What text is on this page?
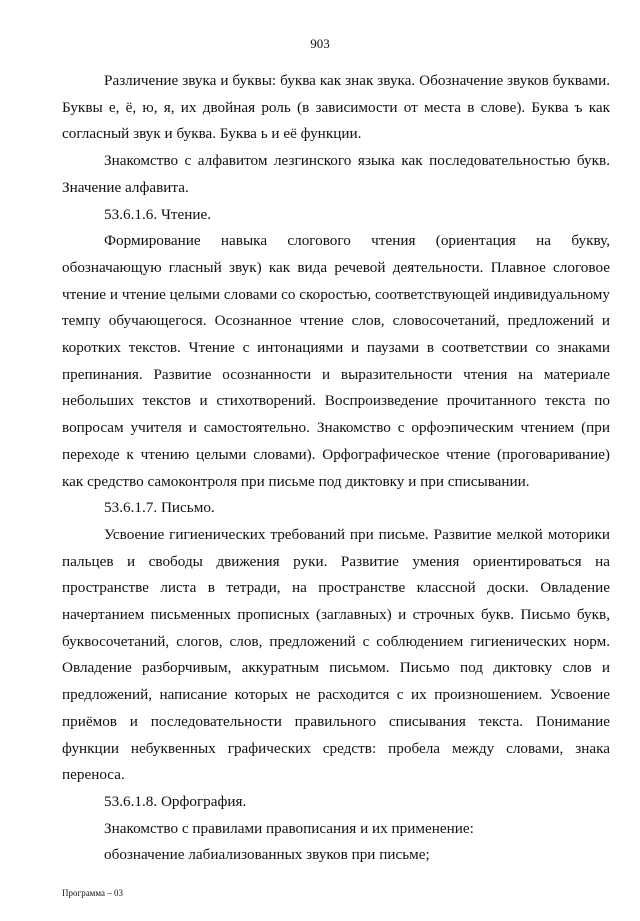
903

Различение звука и буквы: буква как знак звука. Обозначение звуков буквами. Буквы е, ё, ю, я, их двойная роль (в зависимости от места в слове). Буква ъ как согласный звук и буква. Буква ь и её функции.

Знакомство с алфавитом лезгинского языка как последовательностью букв. Значение алфавита.

53.6.1.6. Чтение.

Формирование навыка слогового чтения (ориентация на букву, обозначающую гласный звук) как вида речевой деятельности. Плавное слоговое чтение и чтение целыми словами со скоростью, соответствующей индивидуальному темпу обучающегося. Осознанное чтение слов, словосочетаний, предложений и коротких текстов. Чтение с интонациями и паузами в соответствии со знаками препинания. Развитие осознанности и выразительности чтения на материале небольших текстов и стихотворений. Воспроизведение прочитанного текста по вопросам учителя и самостоятельно. Знакомство с орфоэпическим чтением (при переходе к чтению целыми словами). Орфографическое чтение (проговаривание) как средство самоконтроля при письме под диктовку и при списывании.

53.6.1.7. Письмо.

Усвоение гигиенических требований при письме. Развитие мелкой моторики пальцев и свободы движения руки. Развитие умения ориентироваться на пространстве листа в тетради, на пространстве классной доски. Овладение начертанием письменных прописных (заглавных) и строчных букв. Письмо букв, буквосочетаний, слогов, слов, предложений с соблюдением гигиенических норм. Овладение разборчивым, аккуратным письмом. Письмо под диктовку слов и предложений, написание которых не расходится с их произношением. Усвоение приёмов и последовательности правильного списывания текста. Понимание функции небуквенных графических средств: пробела между словами, знака переноса.

53.6.1.8. Орфография.

Знакомство с правилами правописания и их применение:

обозначение лабиализованных звуков при письме;

Программа – 03
